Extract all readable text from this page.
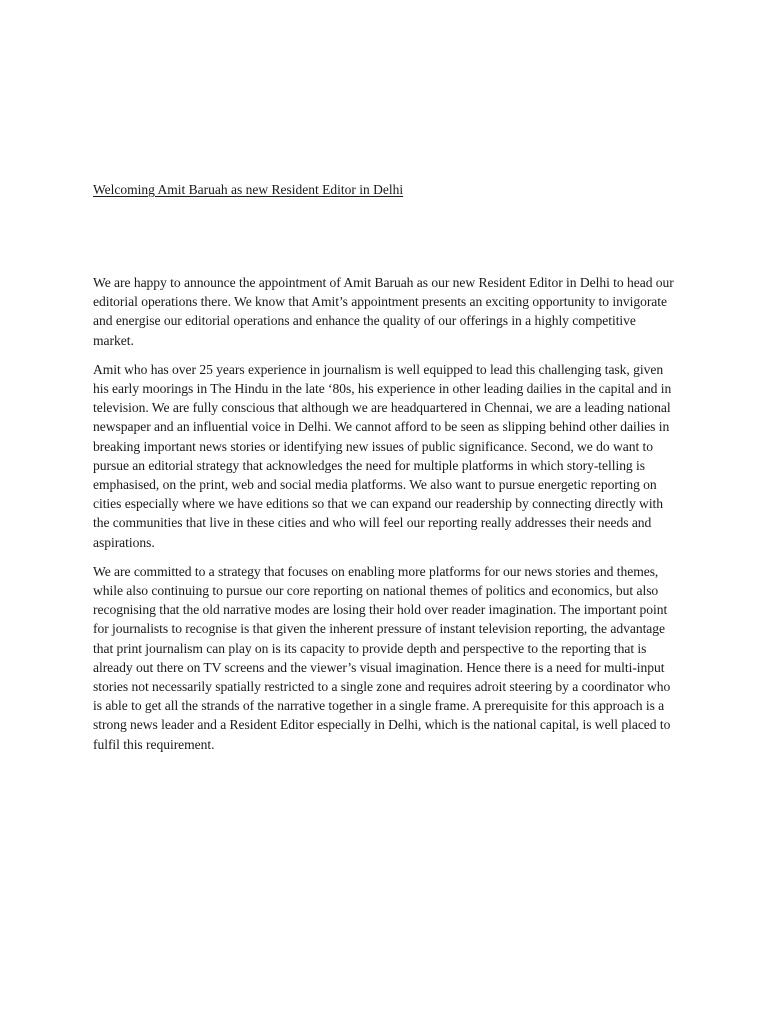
Welcoming Amit Baruah as new Resident Editor in Delhi

We are happy to announce the appointment of Amit Baruah as our new Resident Editor in Delhi to head our editorial operations there. We know that Amit’s appointment presents an exciting opportunity to invigorate and energise our editorial operations and enhance the quality of our offerings in a highly competitive market.

Amit who has over 25 years experience in journalism is well equipped to lead this challenging task, given his early moorings in The Hindu in the late ‘80s, his experience in other leading dailies in the capital and in television. We are fully conscious that although we are headquartered in Chennai, we are a leading national newspaper and an influential voice in Delhi. We cannot afford to be seen as slipping behind other dailies in breaking important news stories or identifying new issues of public significance. Second, we do want to pursue an editorial strategy that acknowledges the need for multiple platforms in which story-telling is emphasised, on the print, web and social media platforms. We also want to pursue energetic reporting on cities especially where we have editions so that we can expand our readership by connecting directly with the communities that live in these cities and who will feel our reporting really addresses their needs and aspirations.

We are committed to a strategy that focuses on enabling more platforms for our news stories and themes, while also continuing to pursue our core reporting on national themes of politics and economics, but also recognising that the old narrative modes are losing their hold over reader imagination. The important point for journalists to recognise is that given the inherent pressure of instant television reporting, the advantage that print journalism can play on is its capacity to provide depth and perspective to the reporting that is already out there on TV screens and the viewer’s visual imagination. Hence there is a need for multi-input stories not necessarily spatially restricted to a single zone and requires adroit steering by a coordinator who is able to get all the strands of the narrative together in a single frame. A prerequisite for this approach is a strong news leader and a Resident Editor especially in Delhi, which is the national capital, is well placed to fulfil this requirement.
